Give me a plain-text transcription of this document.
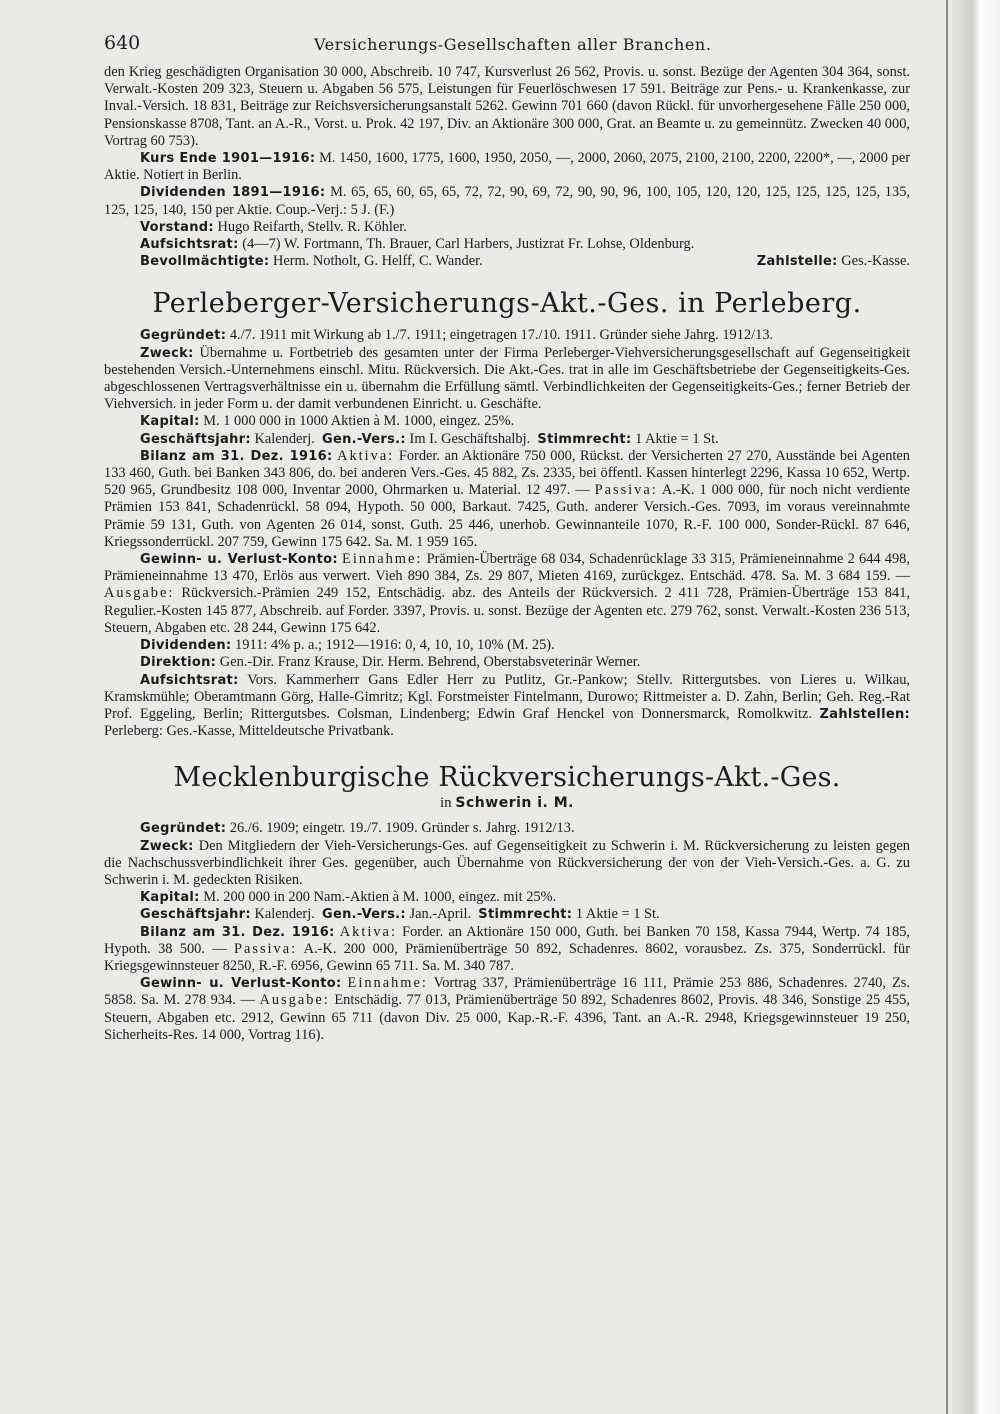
640	Versicherungs-Gesellschaften aller Branchen.

den Krieg geschädigten Organisation 30 000, Abschreib. 10 747, Kursverlust 26 562, Provis. u. sonst. Bezüge der Agenten 304 364, sonst. Verwalt.-Kosten 209 323, Steuern u. Abgaben 56 575, Leistungen für Feuerlöschwesen 17 591. Beiträge zur Pens.- u. Krankenkasse, zur Inval.-Versich. 18 831, Beiträge zur Reichsversicherungsanstalt 5262. Gewinn 701 660 (davon Rückl. für unvorhergesehene Fälle 250 000, Pensionskasse 8708, Tant. an A.-R., Vorst. u. Prok. 42 197, Div. an Aktionäre 300 000, Grat. an Beamte u. zu gemeinnütz. Zwecken 40 000, Vortrag 60 753).

Kurs Ende 1901—1916: M. 1450, 1600, 1775, 1600, 1950, 2050, —, 2000, 2060, 2075, 2100, 2100, 2200, 2200*, —, 2000 per Aktie. Notiert in Berlin.

Dividenden 1891—1916: M. 65, 65, 60, 65, 65, 72, 72, 90, 69, 72, 90, 90, 96, 100, 105, 120, 120, 125, 125, 125, 125, 135, 125, 125, 140, 150 per Aktie. Coup.-Verj.: 5 J. (F.)

Vorstand: Hugo Reifarth, Stellv. R. Köhler.

Aufsichtsrat: (4—7) W. Fortmann, Th. Brauer, Carl Harbers, Justizrat Fr. Lohse, Oldenburg.

Bevollmächtigte: Herm. Notholt, G. Helff, C. Wander.	Zahlstelle: Ges.-Kasse.

Perleberger-Versicherungs-Akt.-Ges. in Perleberg.

Gegründet: 4./7. 1911 mit Wirkung ab 1./7. 1911; eingetragen 17./10. 1911. Gründer siehe Jahrg. 1912/13.

Zweck: Übernahme u. Fortbetrieb des gesamten unter der Firma Perleberger-Viehversicherungsgesellschaft auf Gegenseitigkeit bestehenden Versich.-Unternehmens einschl. Mitu. Rückversich. Die Akt.-Ges. trat in alle im Geschäftsbetriebe der Gegenseitigkeits-Ges. abgeschlossenen Vertragsverhältnisse ein u. übernahm die Erfüllung sämtl. Verbindlichkeiten der Gegenseitigkeits-Ges.; ferner Betrieb der Viehversich. in jeder Form u. der damit verbundenen Einricht. u. Geschäfte.

Kapital: M. 1 000 000 in 1000 Aktien à M. 1000, eingez. 25%.

Geschäftsjahr: Kalenderj. Gen.-Vers.: Im I. Geschäftshalbj. Stimmrecht: 1 Aktie = 1 St.

Bilanz am 31. Dez. 1916: Aktiva: Forder. an Aktionäre 750 000, Rückst. der Versicherten 27 270, Ausstände bei Agenten 133 460, Guth. bei Banken 343 806, do. bei anderen Vers.-Ges. 45 882, Zs. 2335, bei öffentl. Kassen hinterlegt 2296, Kassa 10 652, Wertp. 520 965, Grundbesitz 108 000, Inventar 2000, Ohrmarken u. Material. 12 497. — Passiva: A.-K. 1 000 000, für noch nicht verdiente Prämien 153 841, Schadenrückl. 58 094, Hypoth. 50 000, Barkaut. 7425, Guth. anderer Versich.-Ges. 7093, im voraus vereinnahmte Prämie 59 131, Guth. von Agenten 26 014, sonst. Guth. 25 446, unerhob. Gewinnanteile 1070, R.-F. 100 000, Sonder-Rückl. 87 646, Kriegssonderrückl. 207 759, Gewinn 175 642. Sa. M. 1 959 165.

Gewinn- u. Verlust-Konto: Einnahme: Prämien-Überträge 68 034, Schadenrücklage 33 315, Prämieneinnahme 2 644 498, Prämieneinnahme 13 470, Erlös aus verwert. Vieh 890 384, Zs. 29 807, Mieten 4169, zurückgez. Entschäd. 478. Sa. M. 3 684 159. — Ausgabe: Rückversich.-Prämien 249 152, Entschädig. abz. des Anteils der Rückversich. 2 411 728, Prämien-Überträge 153 841, Regulier.-Kosten 145 877, Abschreib. auf Forder. 3397, Provis. u. sonst. Bezüge der Agenten etc. 279 762, sonst. Verwalt.-Kosten 236 513, Steuern, Abgaben etc. 28 244, Gewinn 175 642.

Dividenden: 1911: 4% p. a.; 1912—1916: 0, 4, 10, 10, 10% (M. 25).

Direktion: Gen.-Dir. Franz Krause, Dir. Herm. Behrend, Oberstabsveterinär Werner.

Aufsichtsrat: Vors. Kammerherr Gans Edler Herr zu Putlitz, Gr.-Pankow; Stellv. Rittergutsbes. von Lieres u. Wilkau, Kramskmühle; Oberamtmann Görg, Halle-Gimritz; Kgl. Forstmeister Fintelmann, Durowo; Rittmeister a. D. Zahn, Berlin; Geh. Reg.-Rat Prof. Eggeling, Berlin; Rittergutsbes. Colsman, Lindenberg; Edwin Graf Henckel von Donnersmarck, Romolkwitz. Zahlstellen: Perleberg: Ges.-Kasse, Mitteldeutsche Privatbank.

Mecklenburgische Rückversicherungs-Akt.-Ges.
in Schwerin i. M.

Gegründet: 26./6. 1909; eingetr. 19./7. 1909. Gründer s. Jahrg. 1912/13.

Zweck: Den Mitgliedern der Vieh-Versicherungs-Ges. auf Gegenseitigkeit zu Schwerin i. M. Rückversicherung zu leisten gegen die Nachschussverbindlichkeit ihrer Ges. gegenüber, auch Übernahme von Rückversicherung der von der Vieh-Versich.-Ges. a. G. zu Schwerin i. M. gedeckten Risiken.

Kapital: M. 200 000 in 200 Nam.-Aktien à M. 1000, eingez. mit 25%.

Geschäftsjahr: Kalenderj. Gen.-Vers.: Jan.-April. Stimmrecht: 1 Aktie = 1 St.

Bilanz am 31. Dez. 1916: Aktiva: Forder. an Aktionäre 150 000, Guth. bei Banken 70 158, Kassa 7944, Wertp. 74 185, Hypoth. 38 500. — Passiva: A.-K. 200 000, Prämienüberträge 50 892, Schadenres. 8602, vorausbez. Zs. 375, Sonderrückl. für Kriegsgewinnsteuer 8250, R.-F. 6956, Gewinn 65 711. Sa. M. 340 787.

Gewinn- u. Verlust-Konto: Einnahme: Vortrag 337, Prämienüberträge 16 111, Prämie 253 886, Schadenres. 2740, Zs. 5858. Sa. M. 278 934. — Ausgabe: Entschädig. 77 013, Prämienüberträge 50 892, Schadenres 8602, Provis. 48 346, Sonstige 25 455, Steuern, Abgaben etc. 2912, Gewinn 65 711 (davon Div. 25 000, Kap.-R.-F. 4396, Tant. an A.-R. 2948, Kriegsgewinnsteuer 19 250, Sicherheits-Res. 14 000, Vortrag 116).
